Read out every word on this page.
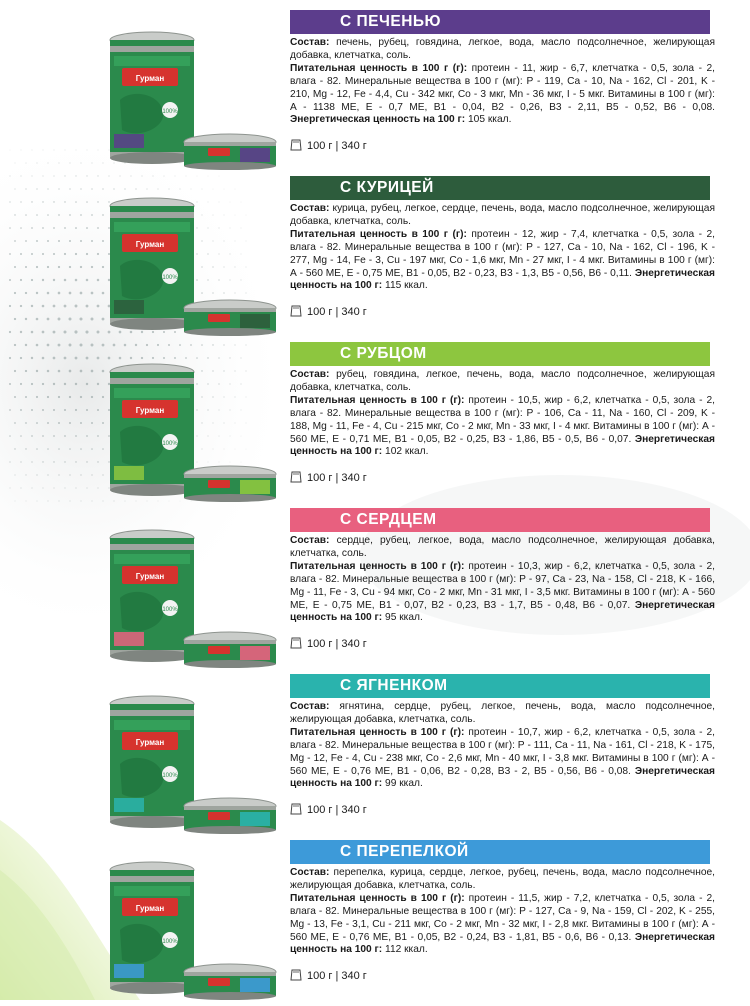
Гурман
100%
С ПЕЧЕНЬЮ
Состав: печень, рубец, говядина, легкое, вода, масло подсолнечное, желирующая добавка, клетчатка, соль.
Питательная ценность в 100 г (г): протеин - 11, жир - 6,7, клетчатка - 0,5, зола - 2, влага - 82. Минеральные вещества в 100 г (мг): Р - 119, Ca - 10, Na - 162, Cl - 201, K - 210, Mg - 12, Fe - 4,4, Cu - 342 мкг, Co - 3 мкг, Mn - 36 мкг, I - 5 мкг. Витамины в 100 г (мг): А - 1138 МЕ, Е - 0,7 МЕ, В1 - 0,04, В2 - 0,26, В3 - 2,11, В5 - 0,52, В6 - 0,08. Энергетическая ценность на 100 г: 105 ккал.
100 г | 340 г
Гурман
100%
С КУРИЦЕЙ
Состав: курица, рубец, легкое, сердце, печень, вода, масло подсолнечное, желирующая добавка, клетчатка, соль.
Питательная ценность в 100 г (г): протеин - 12, жир - 7,4, клетчатка - 0,5, зола - 2, влага - 82. Минеральные вещества в 100 г (мг): Р - 127, Ca - 10, Na - 162, Cl - 196, K - 277, Mg - 14, Fe - 3, Cu - 197 мкг, Co - 1,6 мкг, Mn - 27 мкг, I - 4 мкг. Витамины в 100 г (мг): А - 560 МЕ, Е - 0,75 МЕ, В1 - 0,05, В2 - 0,23, В3 - 1,3, В5 - 0,56, В6 - 0,11. Энергетическая ценность на 100 г: 115 ккал.
100 г | 340 г
Гурман
100%
С РУБЦОМ
Состав: рубец, говядина, легкое, печень, вода, масло подсолнечное, желирующая добавка, клетчатка, соль.
Питательная ценность в 100 г (г): протеин - 10,5, жир - 6,2, клетчатка - 0,5, зола - 2, влага - 82. Минеральные вещества в 100 г (мг): Р - 106, Ca - 11, Na - 160, Cl - 209, K - 188, Mg - 11, Fe - 4, Cu - 215 мкг, Co - 2 мкг, Mn - 33 мкг, I - 4 мкг. Витамины в 100 г (мг): А - 560 МЕ, Е - 0,71 МЕ, В1 - 0,05, В2 - 0,25, В3 - 1,86, В5 - 0,5, В6 - 0,07. Энергетическая ценность на 100 г: 102 ккал.
100 г | 340 г
Гурман
100%
С СЕРДЦЕМ
Состав: сердце, рубец, легкое, вода, масло подсолнечное, желирующая добавка, клетчатка, соль.
Питательная ценность в 100 г (г): протеин - 10,3, жир - 6,2, клетчатка - 0,5, зола - 2, влага - 82. Минеральные вещества в 100 г (мг): Р - 97, Ca - 23, Na - 158, Cl - 218, K - 166, Mg - 11, Fe - 3, Cu - 94 мкг, Co - 2 мкг, Mn - 31 мкг, I - 3,5 мкг. Витамины в 100 г (мг): А - 560 МЕ, Е - 0,75 МЕ, В1 - 0,07, В2 - 0,23, В3 - 1,7, В5 - 0,48, В6 - 0,07. Энергетическая ценность на 100 г: 95 ккал.
100 г | 340 г
Гурман
100%
С ЯГНЕНКОМ
Состав: ягнятина, сердце, рубец, легкое, печень, вода, масло подсолнечное, желирующая добавка, клетчатка, соль.
Питательная ценность в 100 г (г): протеин - 10,7, жир - 6,2, клетчатка - 0,5, зола - 2, влага - 82. Минеральные вещества в 100 г (мг): Р - 111, Ca - 11, Na - 161, Cl - 218, K - 175, Mg - 12, Fe - 4, Cu - 238 мкг, Co - 2,6 мкг, Mn - 40 мкг, I - 3,8 мкг. Витамины в 100 г (мг): А - 560 МЕ, Е - 0,76 МЕ, В1 - 0,06, В2 - 0,28, В3 - 2, В5 - 0,56, В6 - 0,08. Энергетическая ценность на 100 г: 99 ккал.
100 г | 340 г
Гурман
100%
С ПЕРЕПЕЛКОЙ
Состав: перепелка, курица, сердце, легкое, рубец, печень, вода, масло подсолнечное, желирующая добавка, клетчатка, соль.
Питательная ценность в 100 г (г): протеин - 11,5, жир - 7,2, клетчатка - 0,5, зола - 2, влага - 82. Минеральные вещества в 100 г (мг): Р - 127, Ca - 9, Na - 159, Cl - 202, K - 255, Mg - 13, Fe - 3,1, Cu - 211 мкг, Co - 2 мкг, Mn - 32 мкг, I - 2,8 мкг. Витамины в 100 г (мг): А - 560 МЕ, Е - 0,76 МЕ, В1 - 0,05, В2 - 0,24, В3 - 1,81, В5 - 0,6, В6 - 0,13. Энергетическая ценность на 100 г: 112 ккал.
100 г | 340 г
